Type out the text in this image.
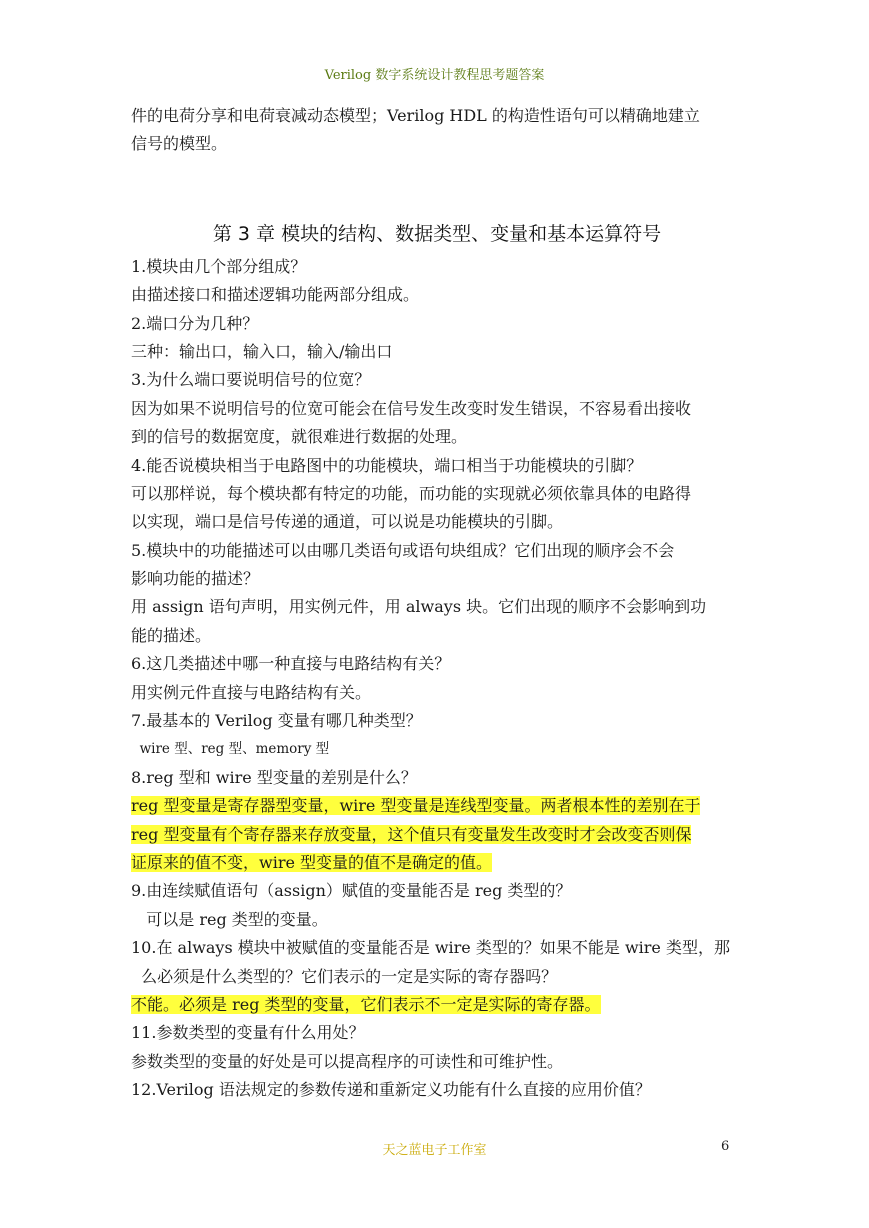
Verilog 数字系统设计教程思考题答案
件的电荷分享和电荷衰减动态模型；Verilog HDL 的构造性语句可以精确地建立
信号的模型。
第 3 章 模块的结构、数据类型、变量和基本运算符号
1.模块由几个部分组成？
由描述接口和描述逻辑功能两部分组成。
2.端口分为几种？
三种：输出口，输入口，输入/输出口
3.为什么端口要说明信号的位宽？
因为如果不说明信号的位宽可能会在信号发生改变时发生错误，不容易看出接收
到的信号的数据宽度，就很难进行数据的处理。
4.能否说模块相当于电路图中的功能模块，端口相当于功能模块的引脚？
可以那样说，每个模块都有特定的功能，而功能的实现就必须依靠具体的电路得
以实现，端口是信号传递的通道，可以说是功能模块的引脚。
5.模块中的功能描述可以由哪几类语句或语句块组成？它们出现的顺序会不会
影响功能的描述？
用 assign 语句声明，用实例元件，用 always 块。它们出现的顺序不会影响到功
能的描述。
6.这几类描述中哪一种直接与电路结构有关？
用实例元件直接与电路结构有关。
7.最基本的 Verilog 变量有哪几种类型？
wire 型、reg 型、memory 型
8.reg 型和 wire 型变量的差别是什么？
reg 型变量是寄存器型变量，wire 型变量是连线型变量。两者根本性的差别在于
reg 型变量有个寄存器来存放变量，这个值只有变量发生改变时才会改变否则保
证原来的值不变，wire 型变量的值不是确定的值。
9.由连续赋值语句（assign）赋值的变量能否是 reg 类型的？
可以是 reg 类型的变量。
10.在 always 模块中被赋值的变量能否是 wire 类型的？如果不能是 wire 类型，那
么必须是什么类型的？它们表示的一定是实际的寄存器吗？
不能。必须是 reg 类型的变量，它们表示不一定是实际的寄存器。
11.参数类型的变量有什么用处？
参数类型的变量的好处是可以提高程序的可读性和可维护性。
12.Verilog 语法规定的参数传递和重新定义功能有什么直接的应用价值？
天之蓝电子工作室	6
